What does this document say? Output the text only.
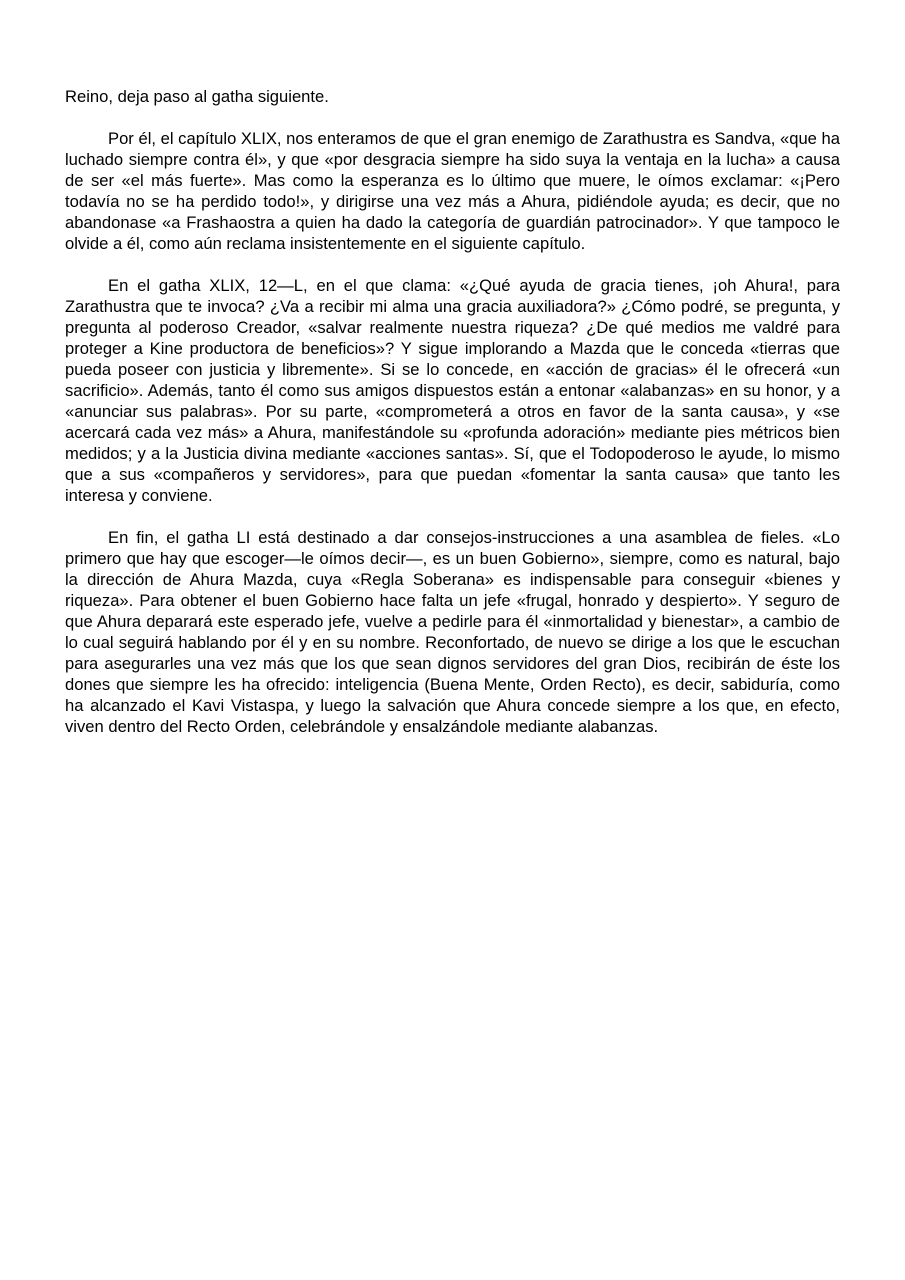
Reino, deja paso al gatha siguiente.

Por él, el capítulo XLIX, nos enteramos de que el gran enemigo de Zarathustra es Sandva, «que ha luchado siempre contra él», y que «por desgracia siempre ha sido suya la ventaja en la lucha» a causa de ser «el más fuerte». Mas como la esperanza es lo último que muere, le oímos exclamar: «¡Pero todavía no se ha perdido todo!», y dirigirse una vez más a Ahura, pidiéndole ayuda; es decir, que no abandonase «a Frashaostra a quien ha dado la categoría de guardián patrocinador». Y que tampoco le olvide a él, como aún reclama insistentemente en el siguiente capítulo.

En el gatha XLIX, 12—L, en el que clama: «¿Qué ayuda de gracia tienes, ¡oh Ahura!, para Zarathustra que te invoca? ¿Va a recibir mi alma una gracia auxiliadora?» ¿Cómo podré, se pregunta, y pregunta al poderoso Creador, «salvar realmente nuestra riqueza? ¿De qué medios me valdré para proteger a Kine productora de beneficios»? Y sigue implorando a Mazda que le conceda «tierras que pueda poseer con justicia y libremente». Si se lo concede, en «acción de gracias» él le ofrecerá «un sacrificio». Además, tanto él como sus amigos dispuestos están a entonar «alabanzas» en su honor, y a «anunciar sus palabras». Por su parte, «comprometerá a otros en favor de la santa causa», y «se acercará cada vez más» a Ahura, manifestándole su «profunda adoración» mediante pies métricos bien medidos; y a la Justicia divina mediante «acciones santas». Sí, que el Todopoderoso le ayude, lo mismo que a sus «compañeros y servidores», para que puedan «fomentar la santa causa» que tanto les interesa y conviene.

En fin, el gatha LI está destinado a dar consejos-instrucciones a una asamblea de fieles. «Lo primero que hay que escoger—le oímos decir—, es un buen Gobierno», siempre, como es natural, bajo la dirección de Ahura Mazda, cuya «Regla Soberana» es indispensable para conseguir «bienes y riqueza». Para obtener el buen Gobierno hace falta un jefe «frugal, honrado y despierto». Y seguro de que Ahura deparará este esperado jefe, vuelve a pedirle para él «inmortalidad y bienestar», a cambio de lo cual seguirá hablando por él y en su nombre. Reconfortado, de nuevo se dirige a los que le escuchan para asegurarles una vez más que los que sean dignos servidores del gran Dios, recibirán de éste los dones que siempre les ha ofrecido: inteligencia (Buena Mente, Orden Recto), es decir, sabiduría, como ha alcanzado el Kavi Vistaspa, y luego la salvación que Ahura concede siempre a los que, en efecto, viven dentro del Recto Orden, celebrándole y ensalzándole mediante alabanzas.
